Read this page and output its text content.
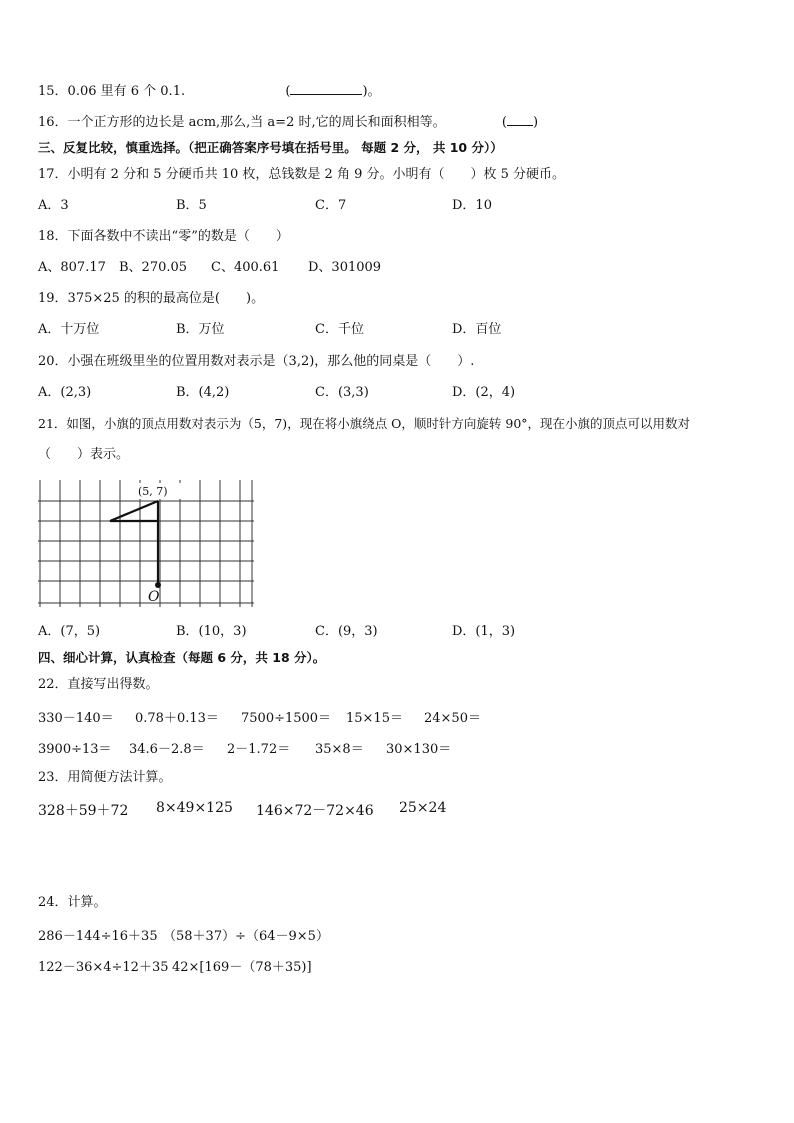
15．0.06 里有 6 个 0.1.	(	)。
16．一个正方形的边长是 acm,那么,当 a=2 时,它的周长和面积相等。	( )
三、反复比较，慎重选择。（把正确答案序号填在括号里。 每题 2 分， 共 10 分））
17．小明有 2 分和 5 分硬币共 10 枚，总钱数是 2 角 9 分。小明有（　　）枚 5 分硬币。
A．3	B．5	C．7	D．10
18．下面各数中不读出“零”的数是（　　）
A、807.17 B、270.05 C、400.61 D、301009
19．375×25 的积的最高位是(　　)。
A．十万位	B．万位	C．千位	D．百位
20．小强在班级里坐的位置用数对表示是（3,2)，那么他的同桌是（　　）.
A．(2,3)	B．(4,2)	C．(3,3)	D．(2，4)
21．如图，小旗的顶点用数对表示为（5，7)，现在将小旗绕点 O，顺时针方向旋转 90°，现在小旗的顶点可以用数对
（　　）表示。
(5, 7)
O
A．(7，5)	B．(10，3)	C．(9，3)	D．(1，3)
四、细心计算，认真检查（每题 6 分，共 18 分）。
22．直接写出得数。
330－140＝ 0.78＋0.13＝ 7500÷1500＝ 15×15＝ 24×50＝
3900÷13＝ 34.6－2.8＝ 2－1.72＝ 35×8＝ 30×130＝
23．用简便方法计算。
328＋59＋72 8×49×125 146×72－72×46 25×24
24．计算。
286－144÷16＋35 （58＋37）÷（64－9×5）
122－36×4÷12＋35 42×[169－（78＋35)]
